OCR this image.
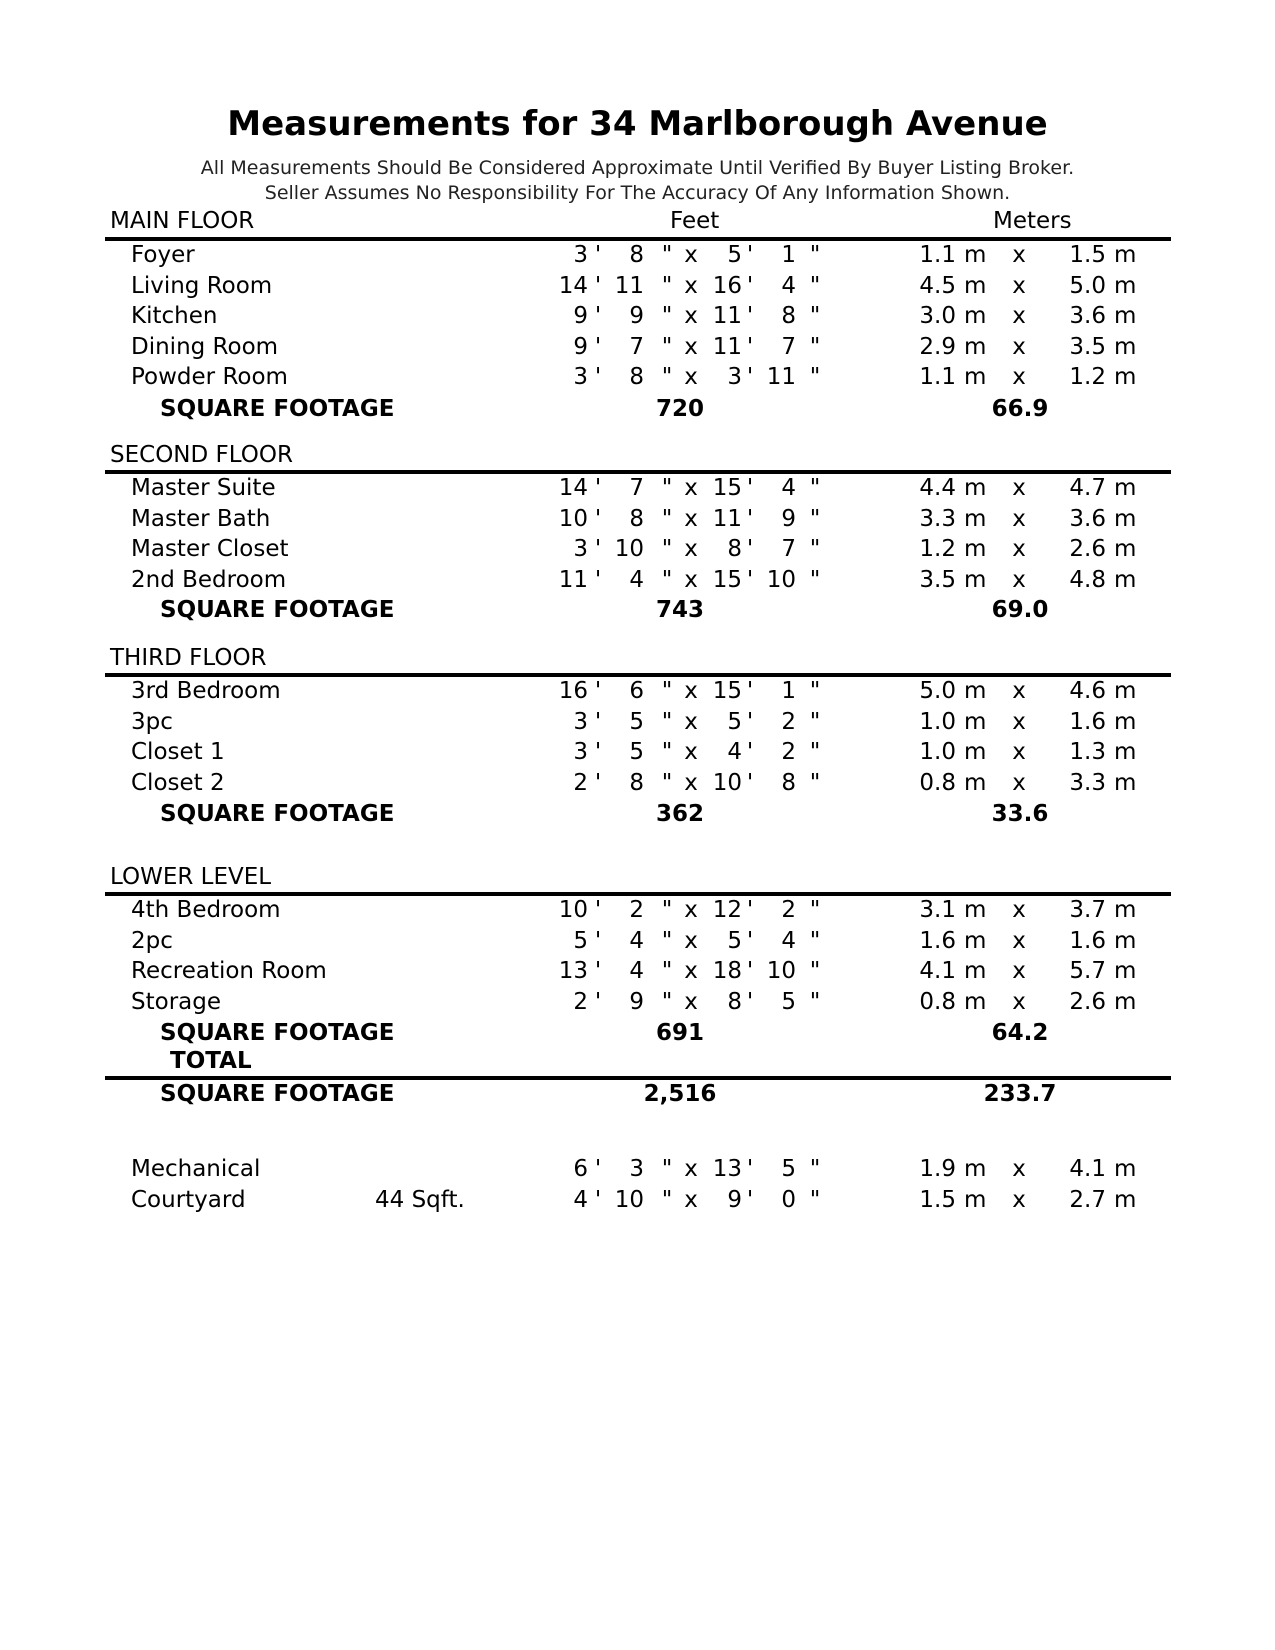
Measurements for 34 Marlborough Avenue
All Measurements Should Be Considered Approximate Until Verified By Buyer Listing Broker.
Seller Assumes No Responsibility For The Accuracy Of Any Information Shown.
Feet	Meters
MAIN FLOOR
Foyer	3 '	8 " x	5 '	1 "	1.1 m x	1.5 m
Living Room	14 ' 11 " x 16 '	4 "	4.5 m x	5.0 m
Kitchen	9 '	9 " x 11 '	8 "	3.0 m x	3.6 m
Dining Room	9 '	7 " x 11 '	7 "	2.9 m x	3.5 m
Powder Room	3 '	8 " x	3 ' 11 "	1.1 m x	1.2 m
SQUARE FOOTAGE	720	66.9
SECOND FLOOR
Master Suite	14 '	7 " x 15 '	4 "	4.4 m x	4.7 m
Master Bath	10 '	8 " x 11 '	9 "	3.3 m x	3.6 m
Master Closet	3 ' 10 " x	8 '	7 "	1.2 m x	2.6 m
2nd Bedroom	11 '	4 " x 15 ' 10 "	3.5 m x	4.8 m
SQUARE FOOTAGE	743	69.0
THIRD FLOOR
3rd Bedroom	16 '	6 " x 15 '	1 "	5.0 m x	4.6 m
3pc	3 '	5 " x	5 '	2 "	1.0 m x	1.6 m
Closet 1	3 '	5 " x	4 '	2 "	1.0 m x	1.3 m
Closet 2	2 '	8 " x 10 '	8 "	0.8 m x	3.3 m
SQUARE FOOTAGE	362	33.6
LOWER LEVEL
4th Bedroom	10 '	2 " x 12 '	2 "	3.1 m x	3.7 m
2pc	5 '	4 " x	5 '	4 "	1.6 m x	1.6 m
Recreation Room	13 '	4 " x 18 ' 10 "	4.1 m x	5.7 m
Storage	2 '	9 " x	8 '	5 "	0.8 m x	2.6 m
SQUARE FOOTAGE	691	64.2
TOTAL
SQUARE FOOTAGE	2,516	233.7
Mechanical	6 '	3 " x 13 '	5 "	1.9 m x	4.1 m
Courtyard	44 Sqft.	4 ' 10 " x	9 '	0 "	1.5 m x	2.7 m
